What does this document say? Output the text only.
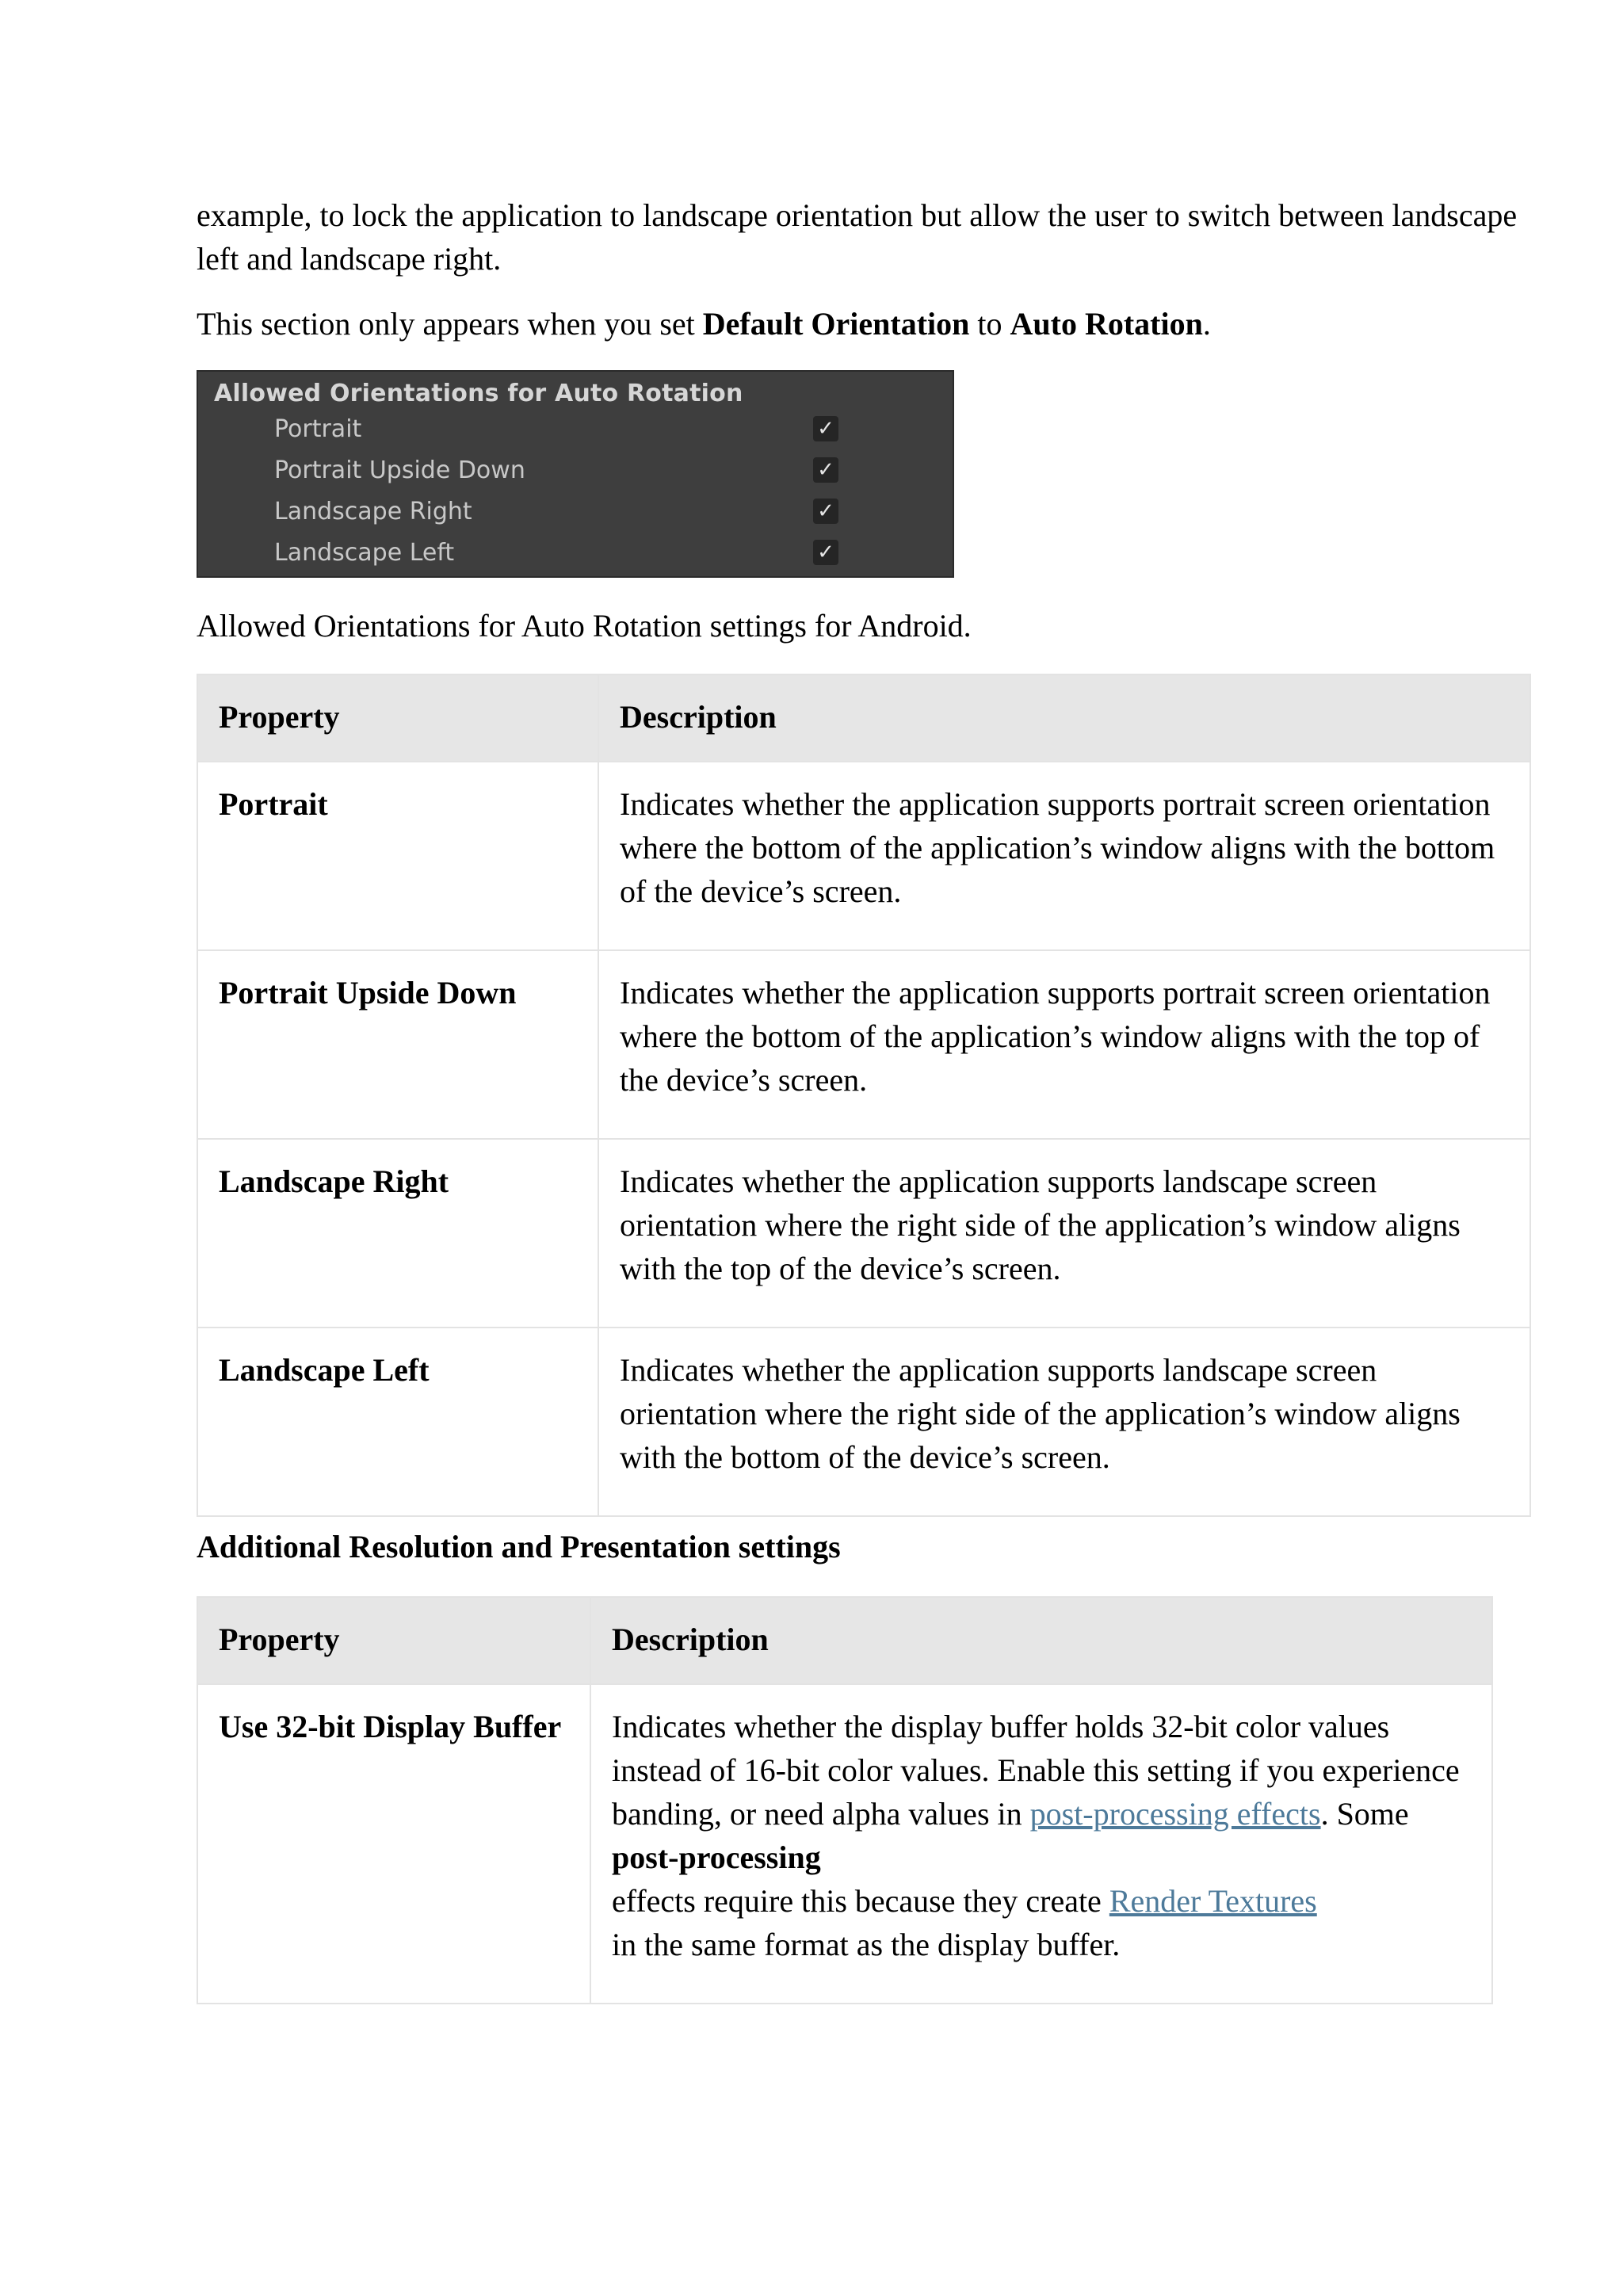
example, to lock the application to landscape orientation but allow the user to switch between landscape left and landscape right.

This section only appears when you set Default Orientation to Auto Rotation.

Allowed Orientations for Auto Rotation
Portrait	✓
Portrait Upside Down	✓
Landscape Right	✓
Landscape Left	✓

Allowed Orientations for Auto Rotation settings for Android.

Property	Description
Portrait	Indicates whether the application supports portrait screen orientation where the bottom of the application’s window aligns with the bottom of the device’s screen.
Portrait Upside Down	Indicates whether the application supports portrait screen orientation where the bottom of the application’s window aligns with the top of the device’s screen.
Landscape Right	Indicates whether the application supports landscape screen orientation where the right side of the application’s window aligns with the top of the device’s screen.
Landscape Left	Indicates whether the application supports landscape screen orientation where the right side of the application’s window aligns with the bottom of the device’s screen.

Additional Resolution and Presentation settings

Property	Description
Use 32-bit Display Buffer	Indicates whether the display buffer holds 32-bit color values instead of 16-bit color values. Enable this setting if you experience banding, or need alpha values in post-processing effects. Some post-processing
effects require this because they create Render Textures
in the same format as the display buffer.
